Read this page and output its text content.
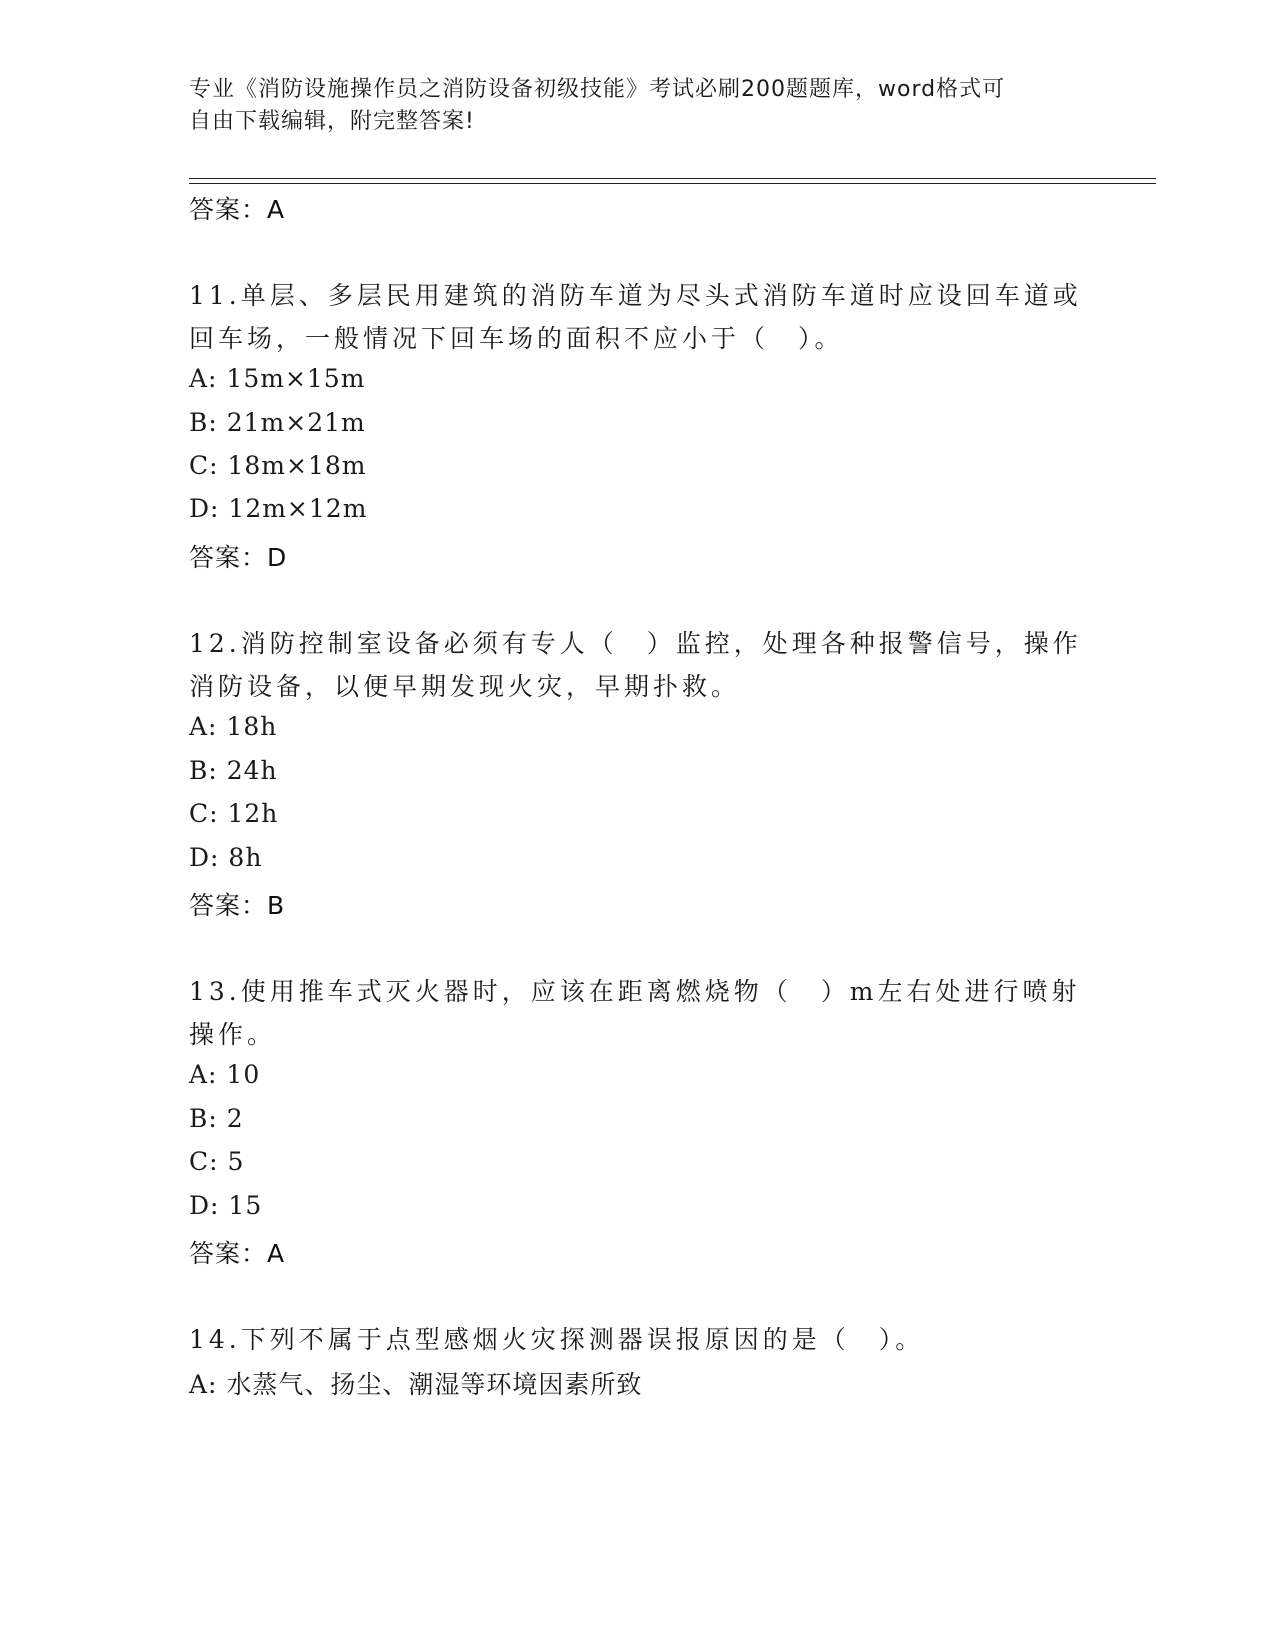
专业《消防设施操作员之消防设备初级技能》考试必刷200题题库，word格式可
自由下载编辑，附完整答案!
答案：A
11.单层、多层民用建筑的消防车道为尽头式消防车道时应设回车道或
回车场，一般情况下回车场的面积不应小于（　）。
A: 15m×15m
B: 21m×21m
C: 18m×18m
D: 12m×12m
答案：D
12.消防控制室设备必须有专人（　）监控，处理各种报警信号，操作
消防设备，以便早期发现火灾，早期扑救。
A: 18h
B: 24h
C: 12h
D: 8h
答案：B
13.使用推车式灭火器时，应该在距离燃烧物（　）m左右处进行喷射
操作。
A: 10
B: 2
C: 5
D: 15
答案：A
14.下列不属于点型感烟火灾探测器误报原因的是（　）。
A: 水蒸气、扬尘、潮湿等环境因素所致
